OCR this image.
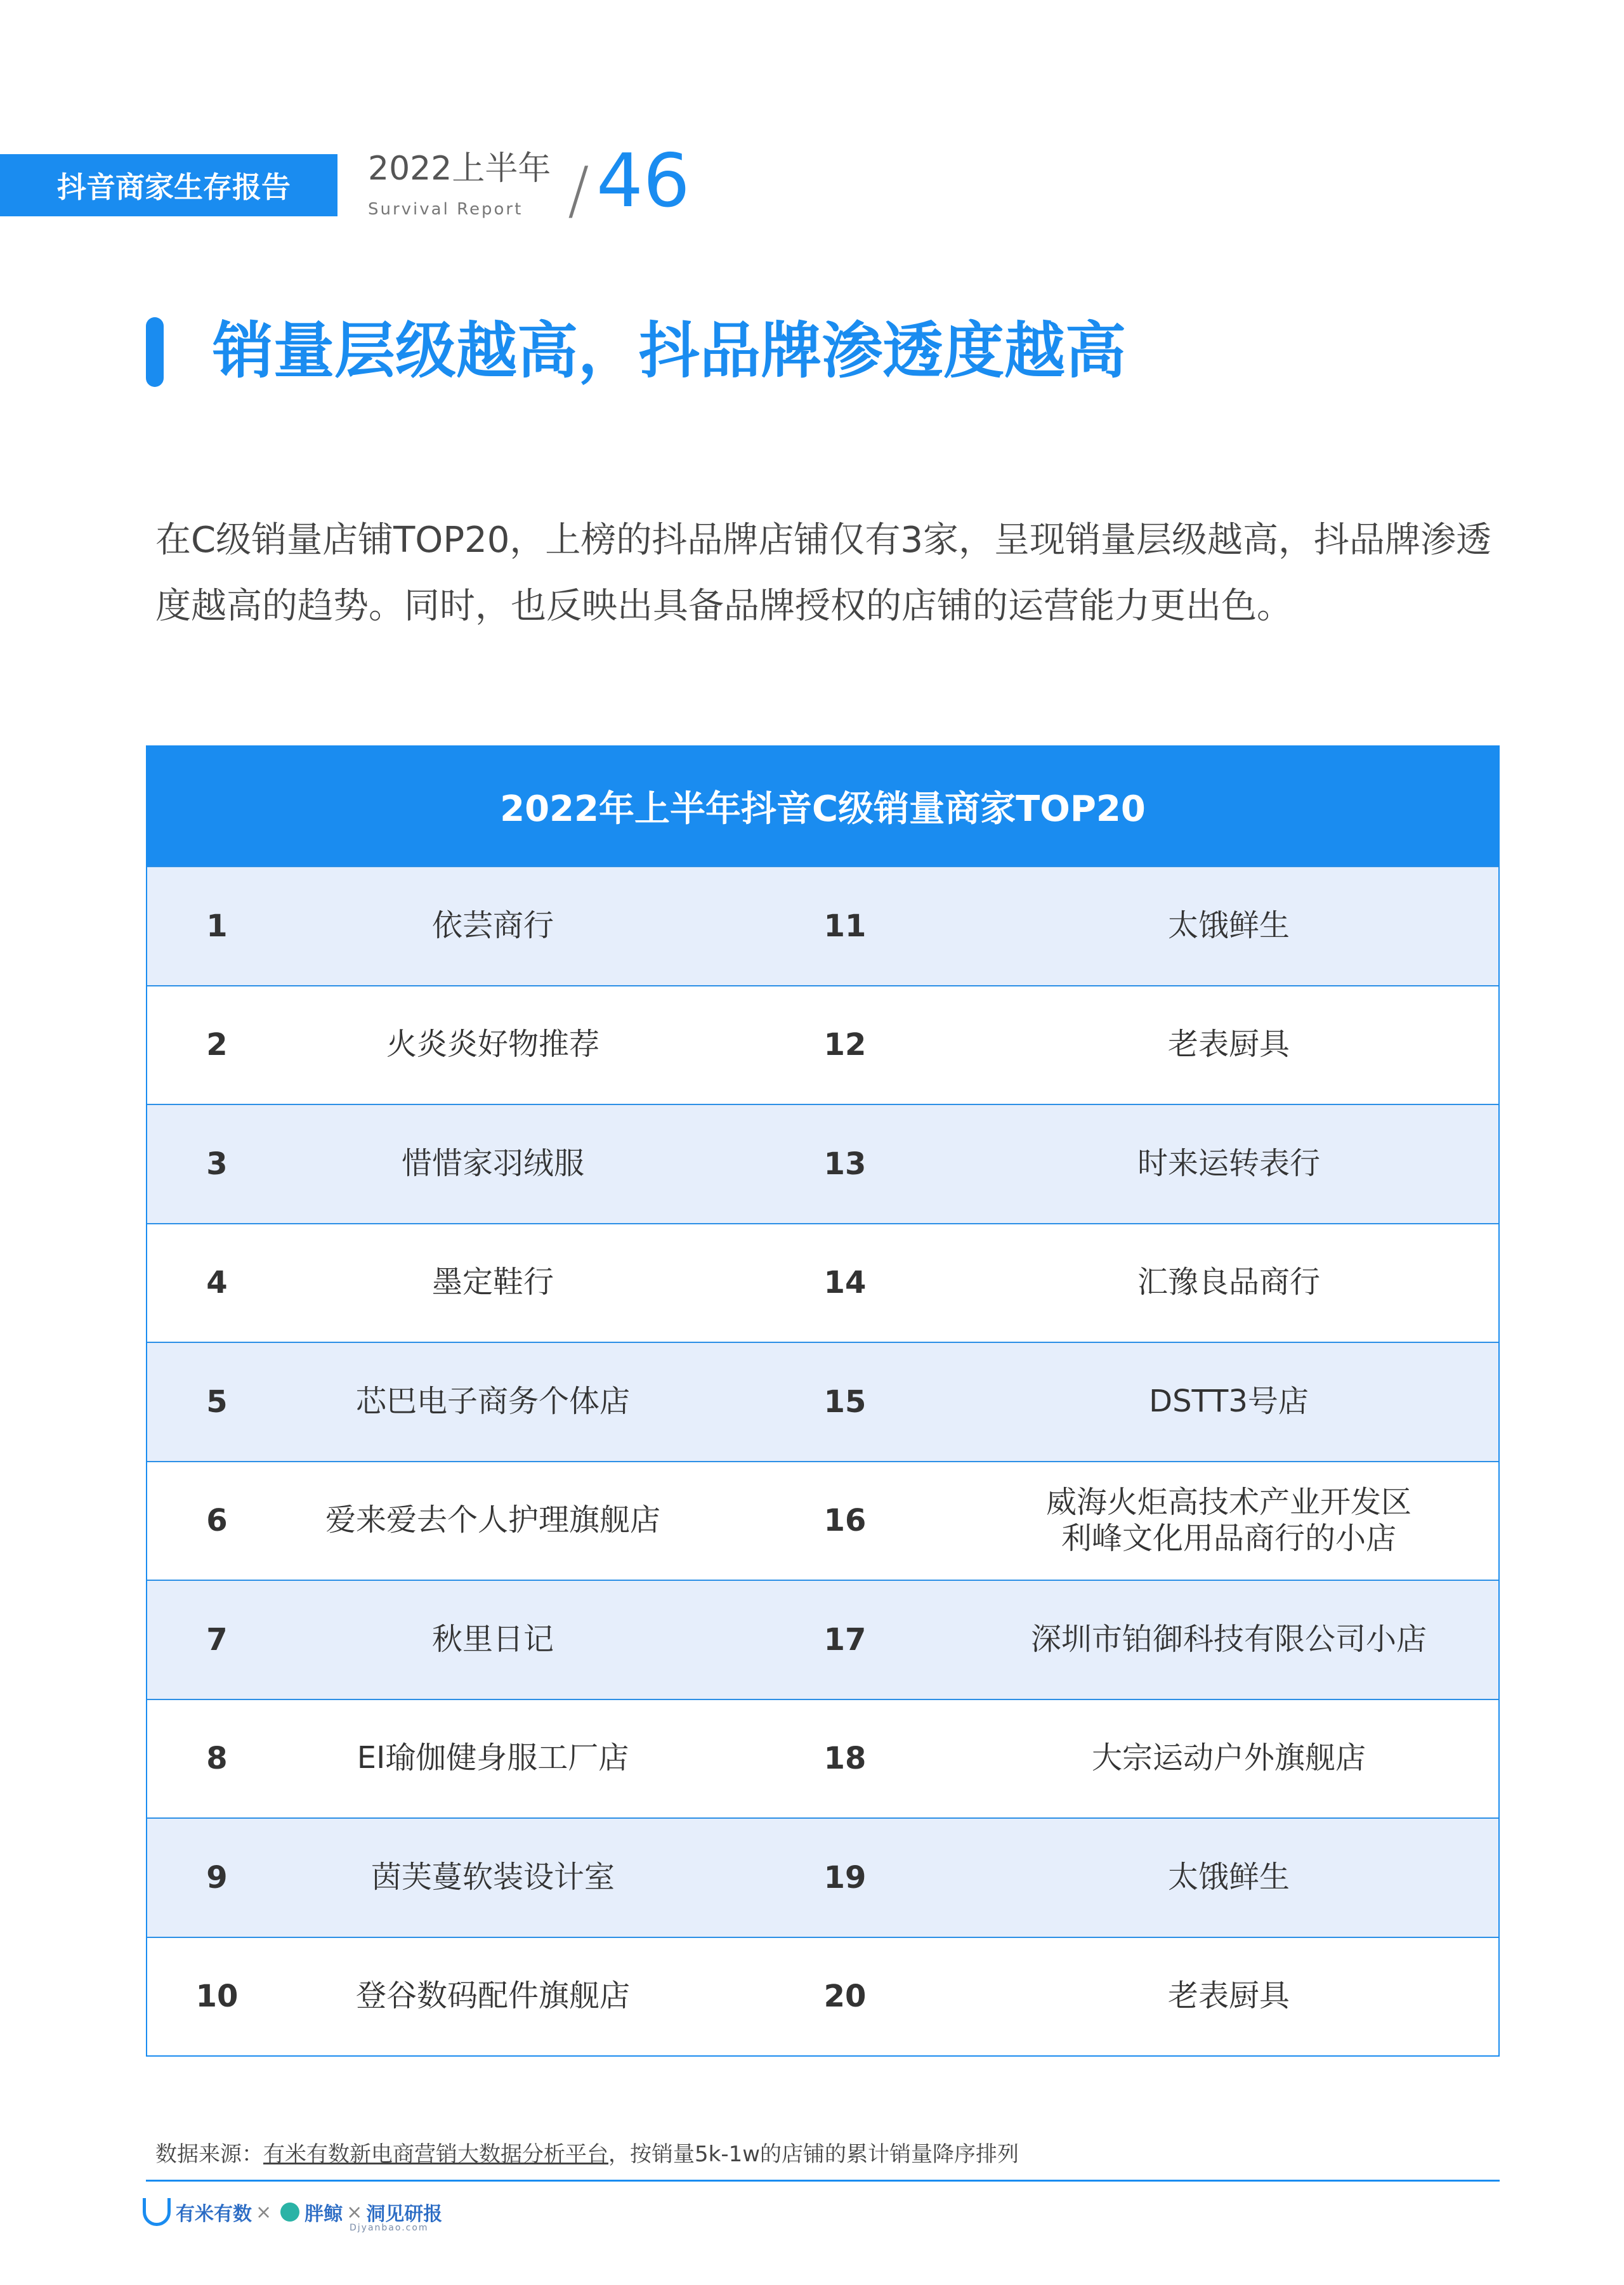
抖音商家生存报告 2022上半年
Survival Report / 46
销量层级越高，抖品牌渗透度越高
在C级销量店铺TOP20，上榜的抖品牌店铺仅有3家，呈现销量层级越高，抖品牌渗透度越高的趋势。同时，也反映出具备品牌授权的店铺的运营能力更出色。
2022年上半年抖音C级销量商家TOP20
1	依芸商行	11	太饿鲜生
2	火炎炎好物推荐	12	老表厨具
3	惜惜家羽绒服	13	时来运转表行
4	墨定鞋行	14	汇豫良品商行
5	芯巴电子商务个体店	15	DSTT3号店
6	爱来爱去个人护理旗舰店	16
威海火炬高技术产业开发区
利峰文化用品商行的小店
7	秋里日记	17	深圳市铂御科技有限公司小店
8	EI瑜伽健身服工厂店	18	大宗运动户外旗舰店
9	茵芙蔓软装设计室	19	太饿鲜生
10	登谷数码配件旗舰店	20	老表厨具
数据来源：有米有数新电商营销大数据分析平台，按销量5k-1w的店铺的累计销量降序排列
有米有数 × 胖鲸 × 洞见研报
Djyanbao.com
